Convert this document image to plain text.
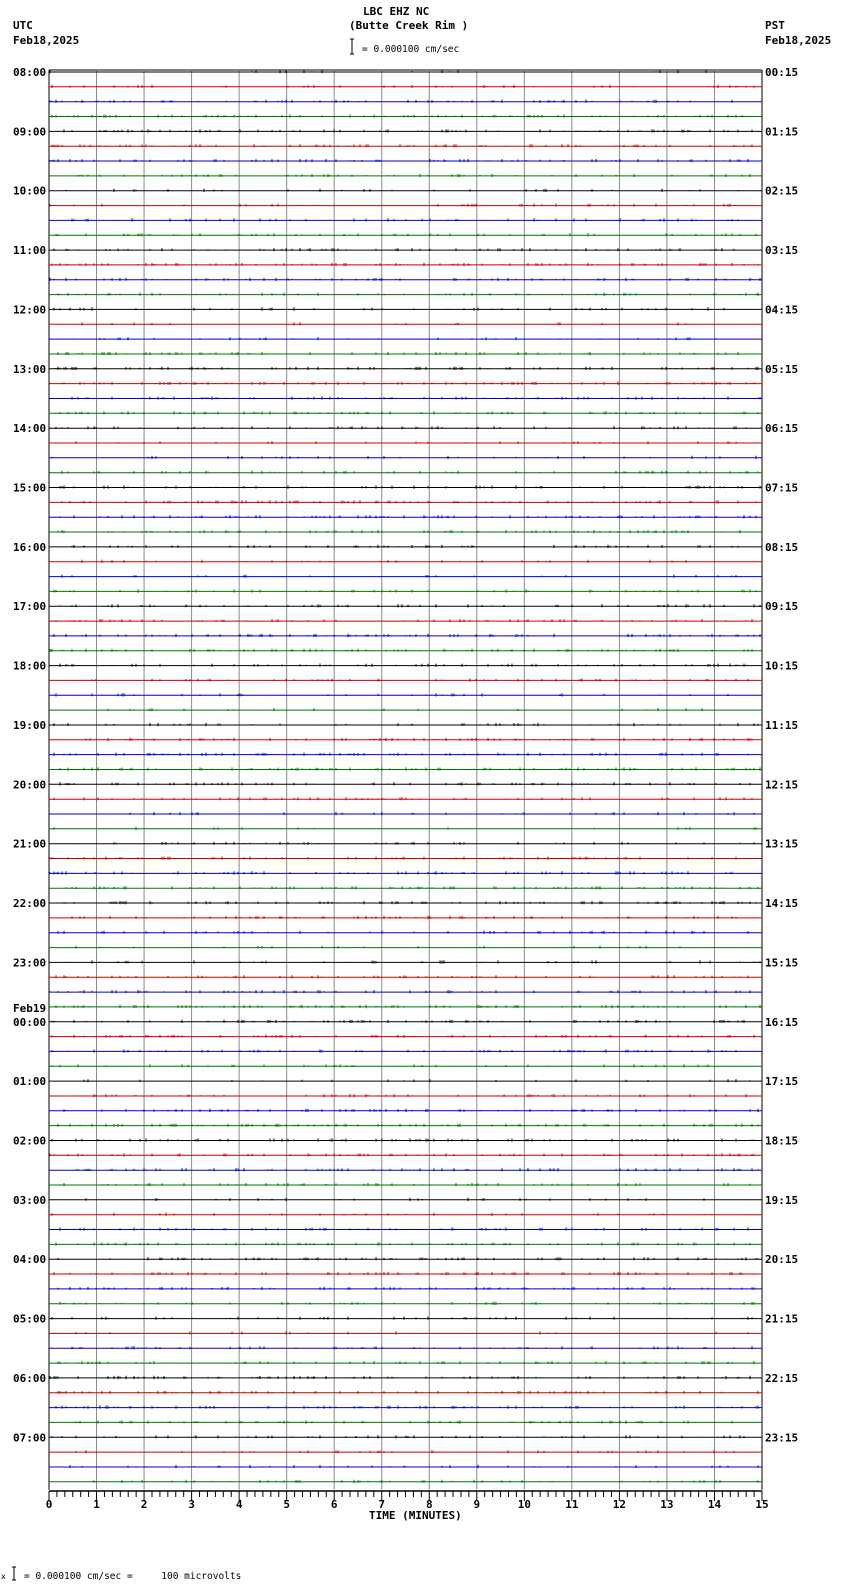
LBC EHZ NC
(Butte Creek Rim )
UTC
Feb18,2025
PST
Feb18,2025
= 0.000100 cm/sec
08:00	00:15
09:00	01:15
10:00	02:15
11:00	03:15
12:00	04:15
13:00	05:15
14:00	06:15
15:00	07:15
16:00	08:15
17:00	09:15
18:00	10:15
19:00	11:15
20:00	12:15
21:00	13:15
22:00	14:15
23:00	15:15
00:00	16:15
01:00	17:15
02:00	18:15
03:00	19:15
04:00	20:15
05:00	21:15
06:00	22:15
07:00	23:15
Feb19
0	1	2	3	4	5	6	7	8	9	10	11	12	13	14	15
TIME (MINUTES)
x = 0.000100 cm/sec =     100 microvolts
